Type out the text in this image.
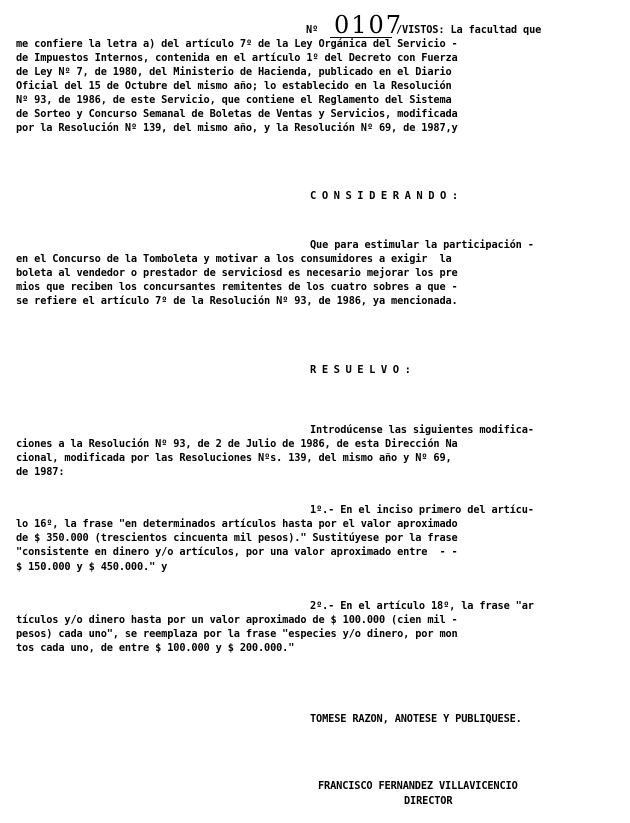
Nº 0107
/VISTOS: La facultad que
me confiere la letra a) del artículo 7º de la Ley Orgánica del Servicio -
de Impuestos Internos, contenida en el artículo 1º del Decreto con Fuerza
de Ley Nº 7, de 1980, del Ministerio de Hacienda, publicado en el Diario
Oficial del 15 de Octubre del mismo año; lo establecido en la Resolución
Nº 93, de 1986, de este Servicio, que contiene el Reglamento del Sistema
de Sorteo y Concurso Semanal de Boletas de Ventas y Servicios, modificada
por la Resolución Nº 139, del mismo año, y la Resolución Nº 69, de 1987,y
CONSIDERANDO:
Que para estimular la participación -
en el Concurso de la Tomboleta y motivar a los consumidores a exigir  la
boleta al vendedor o prestador de serviciosd es necesario mejorar los pre
mios que reciben los concursantes remitentes de los cuatro sobres a que -
se refiere el artículo 7º de la Resolución Nº 93, de 1986, ya mencionada.
RESUELVO:
Introdúcense las siguientes modifica-
ciones a la Resolución Nº 93, de 2 de Julio de 1986, de esta Dirección Na
cional, modificada por las Resoluciones Nºs. 139, del mismo año y Nº 69,
de 1987:
1º.- En el inciso primero del artícu-
lo 16º, la frase "en determinados artículos hasta por el valor aproximado
de $ 350.000 (trescientos cincuenta mil pesos)." Sustitúyese por la frase
"consistente en dinero y/o artículos, por una valor aproximado entre  - -
$ 150.000 y $ 450.000." y
2º.- En el artículo 18º, la frase "ar
tículos y/o dinero hasta por un valor aproximado de $ 100.000 (cien mil -
pesos) cada uno", se reemplaza por la frase "especies y/o dinero, por mon
tos cada uno, de entre $ 100.000 y $ 200.000."
TOMESE RAZON, ANOTESE Y PUBLIQUESE.
FRANCISCO FERNANDEZ VILLAVICENCIO
DIRECTOR
